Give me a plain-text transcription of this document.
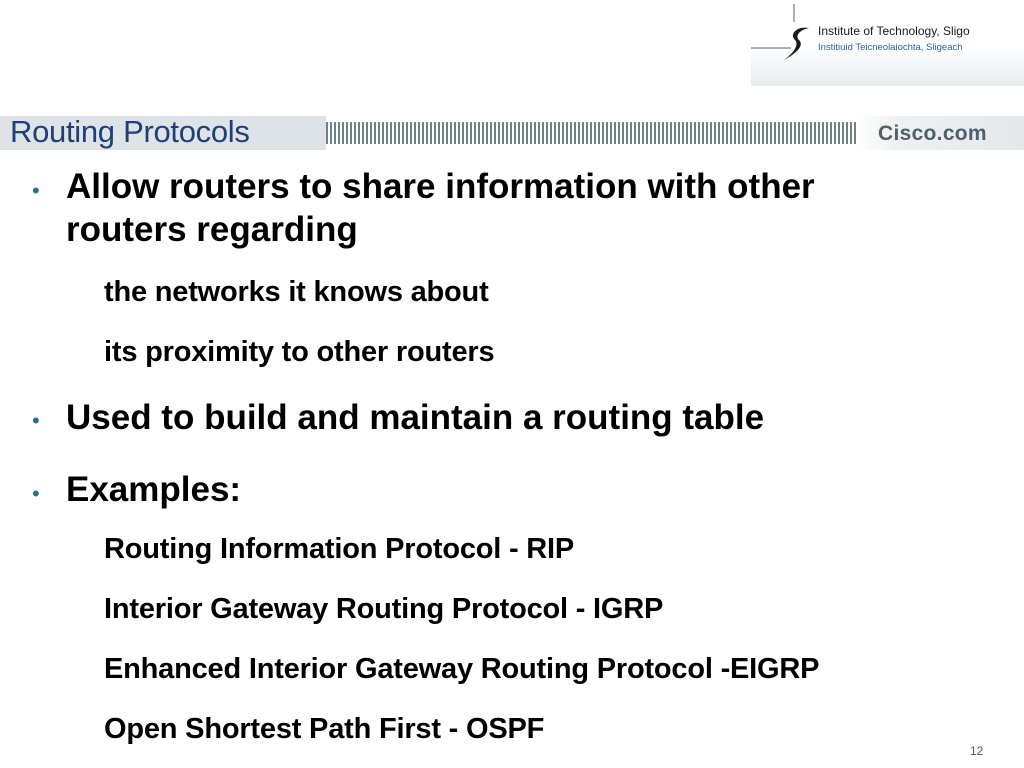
Institute of Technology, Sligo
Institiuid Teicneolaiochta, Sligeach
Routing Protocols	Cisco.com
• Allow routers to share information with other
routers regarding
the networks it knows about
its proximity to other routers
• Used to build and maintain a routing table
• Examples:
Routing Information Protocol - RIP
Interior Gateway Routing Protocol - IGRP
Enhanced Interior Gateway Routing Protocol -EIGRP
Open Shortest Path First - OSPF
12
